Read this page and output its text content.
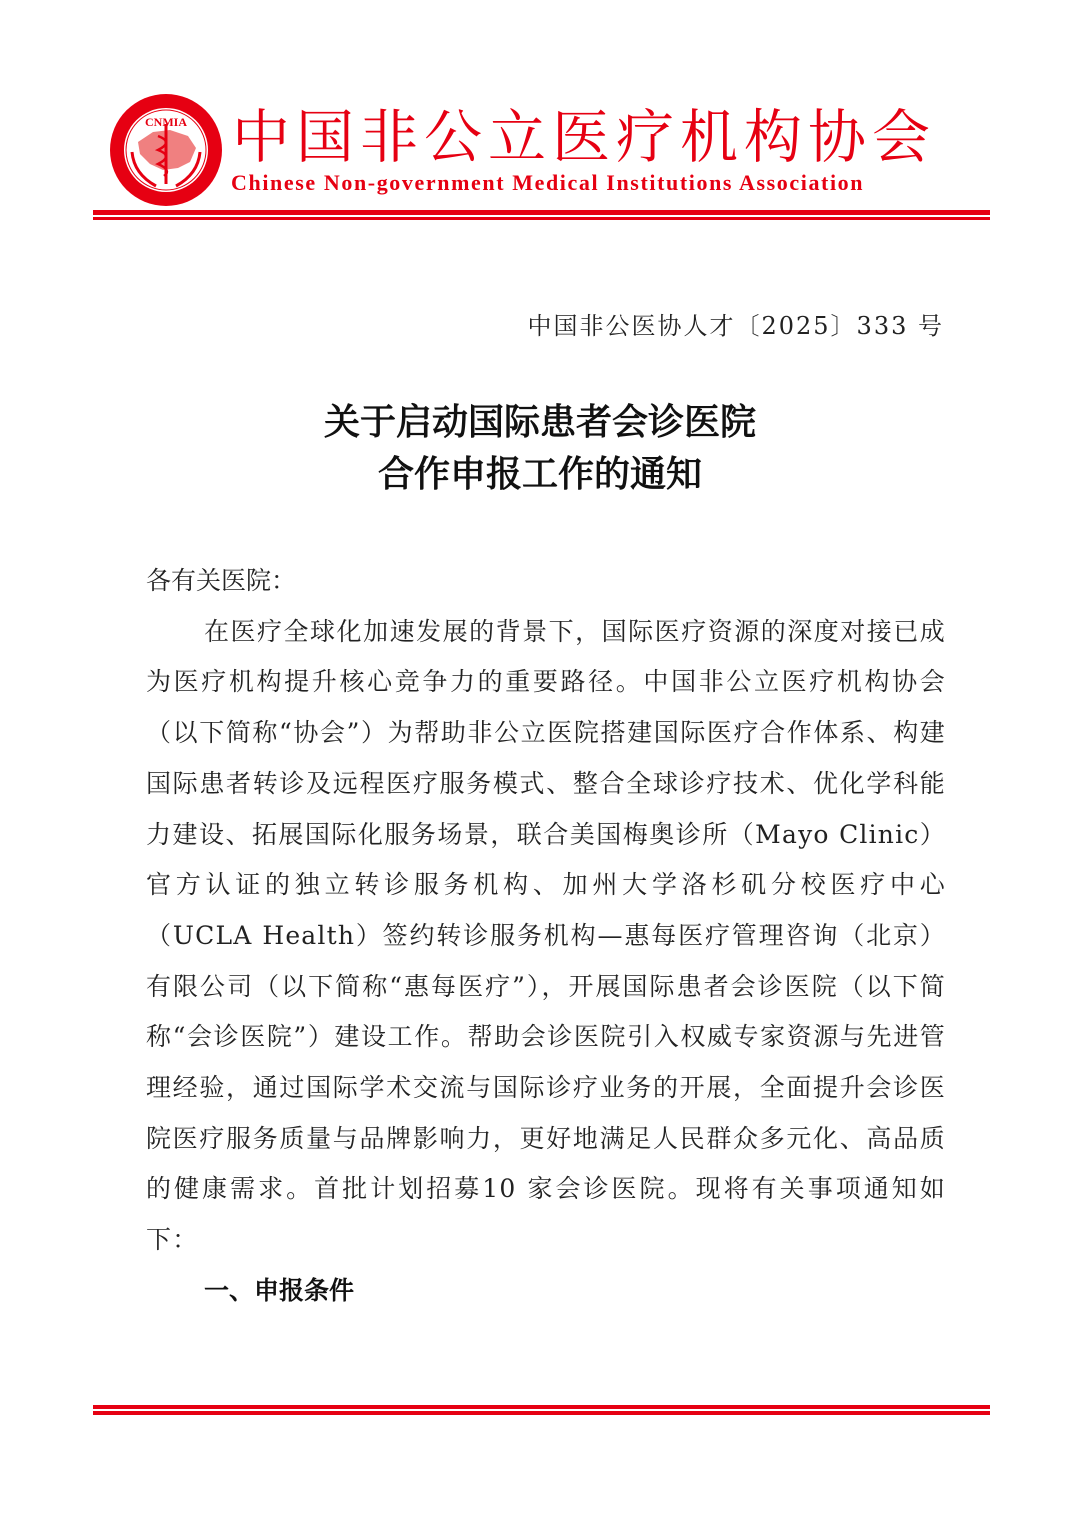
CNMIA 中国非公立医疗机构协会
Chinese Non-government Medical Institutions Association
中国非公医协人才〔2025〕333 号
关于启动国际患者会诊医院
合作申报工作的通知

各有关医院：

在医疗全球化加速发展的背景下，国际医疗资源的深度对接已成为医疗机构提升核心竞争力的重要路径。中国非公立医疗机构协会（以下简称“协会”）为帮助非公立医院搭建国际医疗合作体系、构建国际患者转诊及远程医疗服务模式、整合全球诊疗技术、优化学科能力建设、拓展国际化服务场景，联合美国梅奥诊所（Mayo Clinic）官方认证的独立转诊服务机构、加州大学洛杉矶分校医疗中心（UCLA Health）签约转诊服务机构—惠每医疗管理咨询（北京）有限公司（以下简称“惠每医疗”），开展国际患者会诊医院（以下简称“会诊医院”）建设工作。帮助会诊医院引入权威专家资源与先进管理经验，通过国际学术交流与国际诊疗业务的开展，全面提升会诊医院医疗服务质量与品牌影响力，更好地满足人民群众多元化、高品质的健康需求。首批计划招募10 家会诊医院。现将有关事项通知如下：

一、申报条件
